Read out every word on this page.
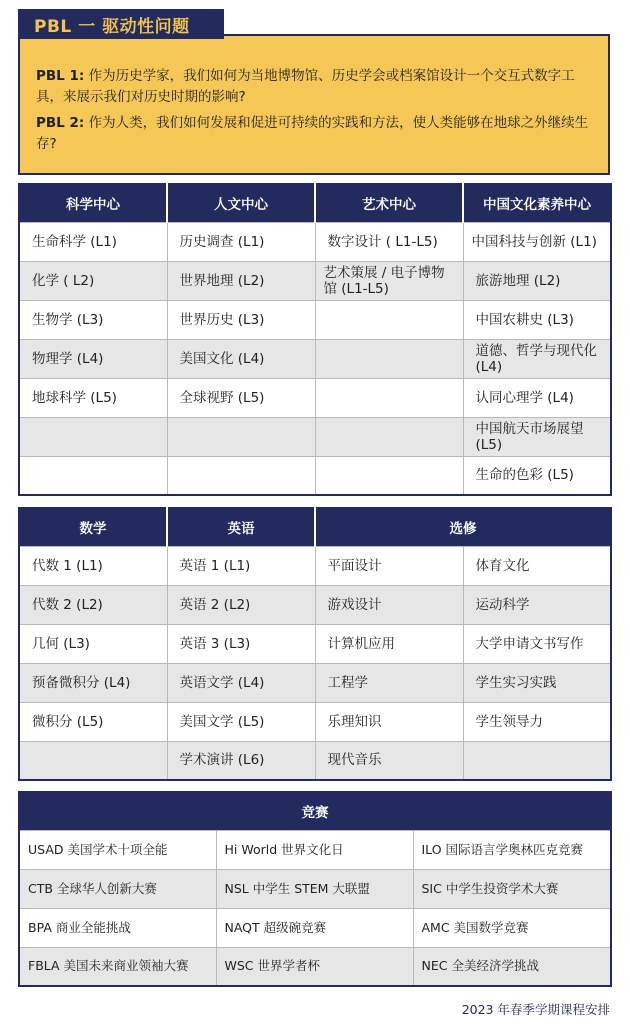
PBL 一 驱动性问题

PBL 1: 作为历史学家，我们如何为当地博物馆、历史学会或档案馆设计一个交互式数字工具，来展示我们对历史时期的影响?

PBL 2: 作为人类，我们如何发展和促进可持续的实践和方法，使人类能够在地球之外继续生存?

科学中心	人文中心	艺术中心	中国文化素养中心
生命科学 (L1)	历史调查 (L1)	数字设计 ( L1-L5)	中国科技与创新 (L1)
化学 ( L2)	世界地理 (L2)	艺术策展 / 电子博物馆 (L1-L5)	旅游地理 (L2)
生物学 (L3)	世界历史 (L3)		中国农耕史 (L3)
物理学 (L4)	美国文化 (L4)		道德、哲学与现代化 (L4)
地球科学 (L5)	全球视野 (L5)		认同心理学 (L4)
			中国航天市场展望 (L5)
			生命的色彩 (L5)
数学	英语	选修	
代数 1 (L1)	英语 1 (L1)	平面设计	体育文化
代数 2 (L2)	英语 2 (L2)	游戏设计	运动科学
几何 (L3)	英语 3 (L3)	计算机应用	大学申请文书写作
预备微积分 (L4)	英语文学 (L4)	工程学	学生实习实践
微积分 (L5)	美国文学 (L5)	乐理知识	学生领导力
	学术演讲 (L6)	现代音乐	
竞赛		
USAD 美国学术十项全能	Hi World 世界文化日	ILO 国际语言学奥林匹克竞赛
CTB 全球华人创新大赛	NSL 中学生 STEM 大联盟	SIC 中学生投资学术大赛
BPA 商业全能挑战	NAQT 超级碗竞赛	AMC 美国数学竞赛
FBLA 美国未来商业领袖大赛	WSC 世界学者杯	NEC 全美经济学挑战
2023 年春季学期课程安排
